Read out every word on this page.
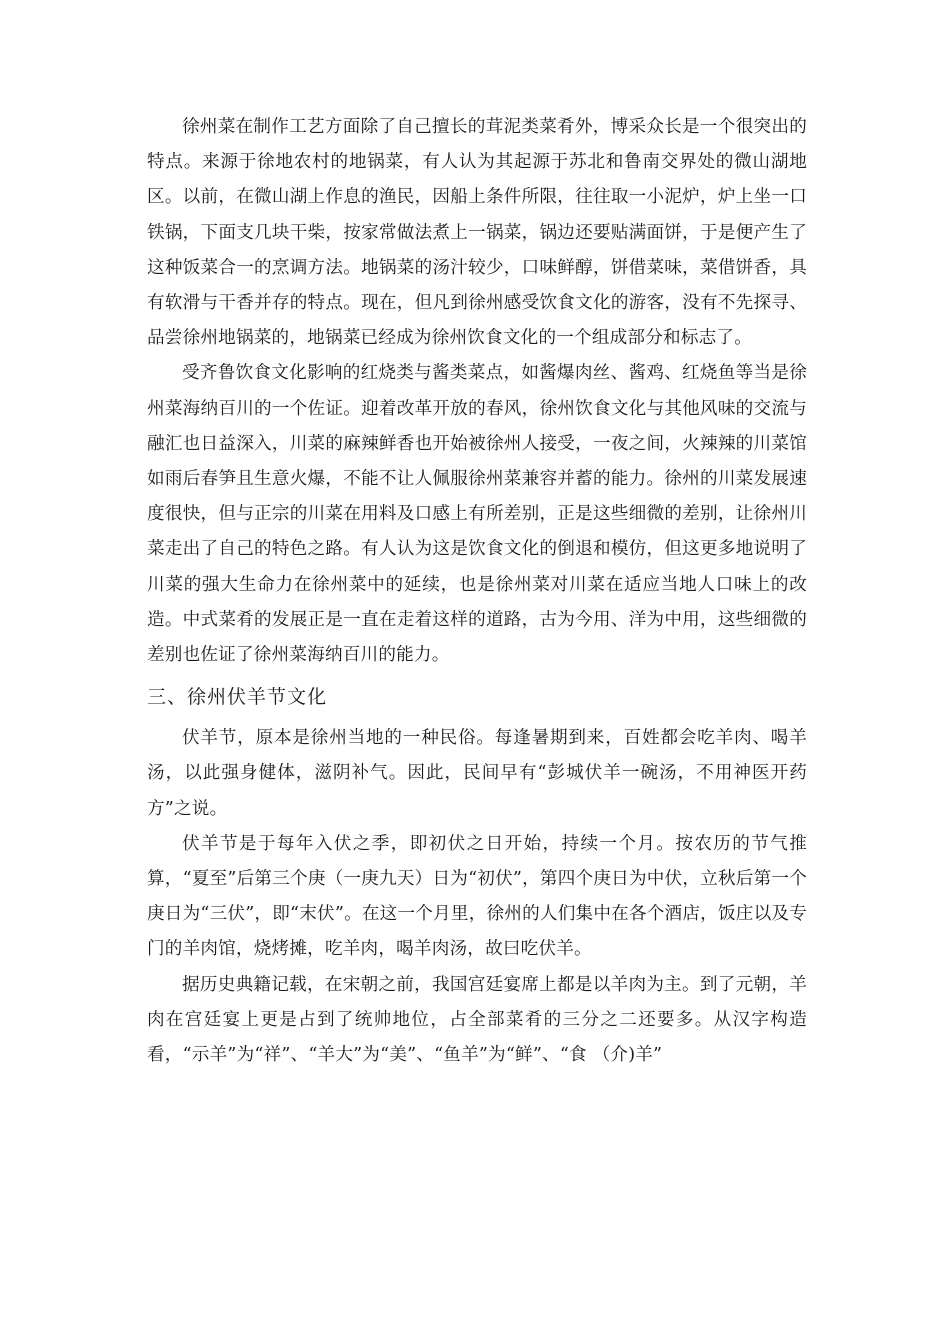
徐州菜在制作工艺方面除了自己擅长的茸泥类菜肴外，博采众长是一个很突出的特点。来源于徐地农村的地锅菜，有人认为其起源于苏北和鲁南交界处的微山湖地区。以前，在微山湖上作息的渔民，因船上条件所限，往往取一小泥炉，炉上坐一口铁锅，下面支几块干柴，按家常做法煮上一锅菜，锅边还要贴满面饼，于是便产生了这种饭菜合一的烹调方法。地锅菜的汤汁较少，口味鲜醇，饼借菜味，菜借饼香，具有软滑与干香并存的特点。现在，但凡到徐州感受饮食文化的游客，没有不先探寻、品尝徐州地锅菜的，地锅菜已经成为徐州饮食文化的一个组成部分和标志了。

受齐鲁饮食文化影响的红烧类与酱类菜点，如酱爆肉丝、酱鸡、红烧鱼等当是徐州菜海纳百川的一个佐证。迎着改革开放的春风，徐州饮食文化与其他风味的交流与融汇也日益深入，川菜的麻辣鲜香也开始被徐州人接受，一夜之间，火辣辣的川菜馆如雨后春笋且生意火爆，不能不让人佩服徐州菜兼容并蓄的能力。徐州的川菜发展速度很快，但与正宗的川菜在用料及口感上有所差别，正是这些细微的差别，让徐州川菜走出了自己的特色之路。有人认为这是饮食文化的倒退和模仿，但这更多地说明了川菜的强大生命力在徐州菜中的延续，也是徐州菜对川菜在适应当地人口味上的改造。中式菜肴的发展正是一直在走着这样的道路，古为今用、洋为中用，这些细微的差别也佐证了徐州菜海纳百川的能力。

三、徐州伏羊节文化

伏羊节，原本是徐州当地的一种民俗。每逢暑期到来，百姓都会吃羊肉、喝羊汤，以此强身健体，滋阴补气。因此，民间早有“彭城伏羊一碗汤，不用神医开药方”之说。

伏羊节是于每年入伏之季，即初伏之日开始，持续一个月。按农历的节气推算，“夏至”后第三个庚（一庚九天）日为“初伏”，第四个庚日为中伏，立秋后第一个庚日为“三伏”，即“末伏”。在这一个月里，徐州的人们集中在各个酒店，饭庄以及专门的羊肉馆，烧烤摊，吃羊肉，喝羊肉汤，故曰吃伏羊。

据历史典籍记载，在宋朝之前，我国宫廷宴席上都是以羊肉为主。到了元朝，羊肉在宫廷宴上更是占到了统帅地位，占全部菜肴的三分之二还要多。从汉字构造看，“示羊”为“祥”、“羊大”为“美”、“鱼羊”为“鲜”、“食 （介)羊”
